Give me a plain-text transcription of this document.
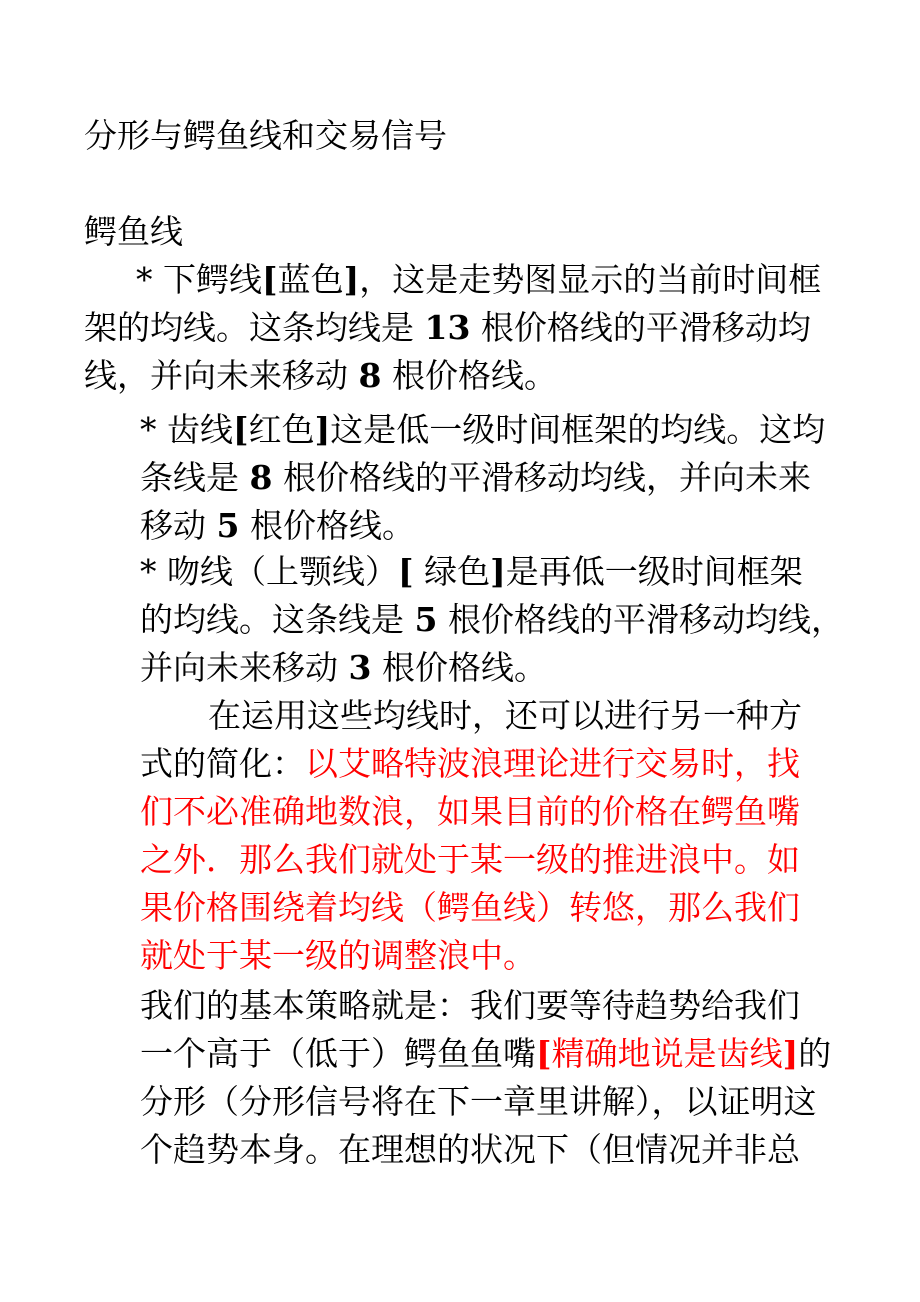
分形与鳄鱼线和交易信号
鳄鱼线
* 下鳄线[蓝色]，这是走势图显示的当前时间框
架的均线。这条均线是 13 根价格线的平滑移动均
线，并向未来移动 8 根价格线。
* 齿线[红色]这是低一级时间框架的均线。这均
条线是 8 根价格线的平滑移动均线，并向未来
移动 5 根价格线。
* 吻线（上颚线）[ 绿色]是再低一级时间框架
的均线。这条线是 5 根价格线的平滑移动均线，
并向未来移动 3 根价格线。
在运用这些均线时，还可以进行另一种方
式的简化：以艾略特波浪理论进行交易时，找
们不必准确地数浪，如果目前的价格在鳄鱼嘴
之外．那么我们就处于某一级的推进浪中。如
果价格围绕着均线（鳄鱼线）转悠，那么我们
就处于某一级的调整浪中。
我们的基本策略就是：我们要等待趋势给我们
一个高于（低于）鳄鱼鱼嘴[精确地说是齿线]的
分形（分形信号将在下一章里讲解），以证明这
个趋势本身。在理想的状况下（但情况并非总
